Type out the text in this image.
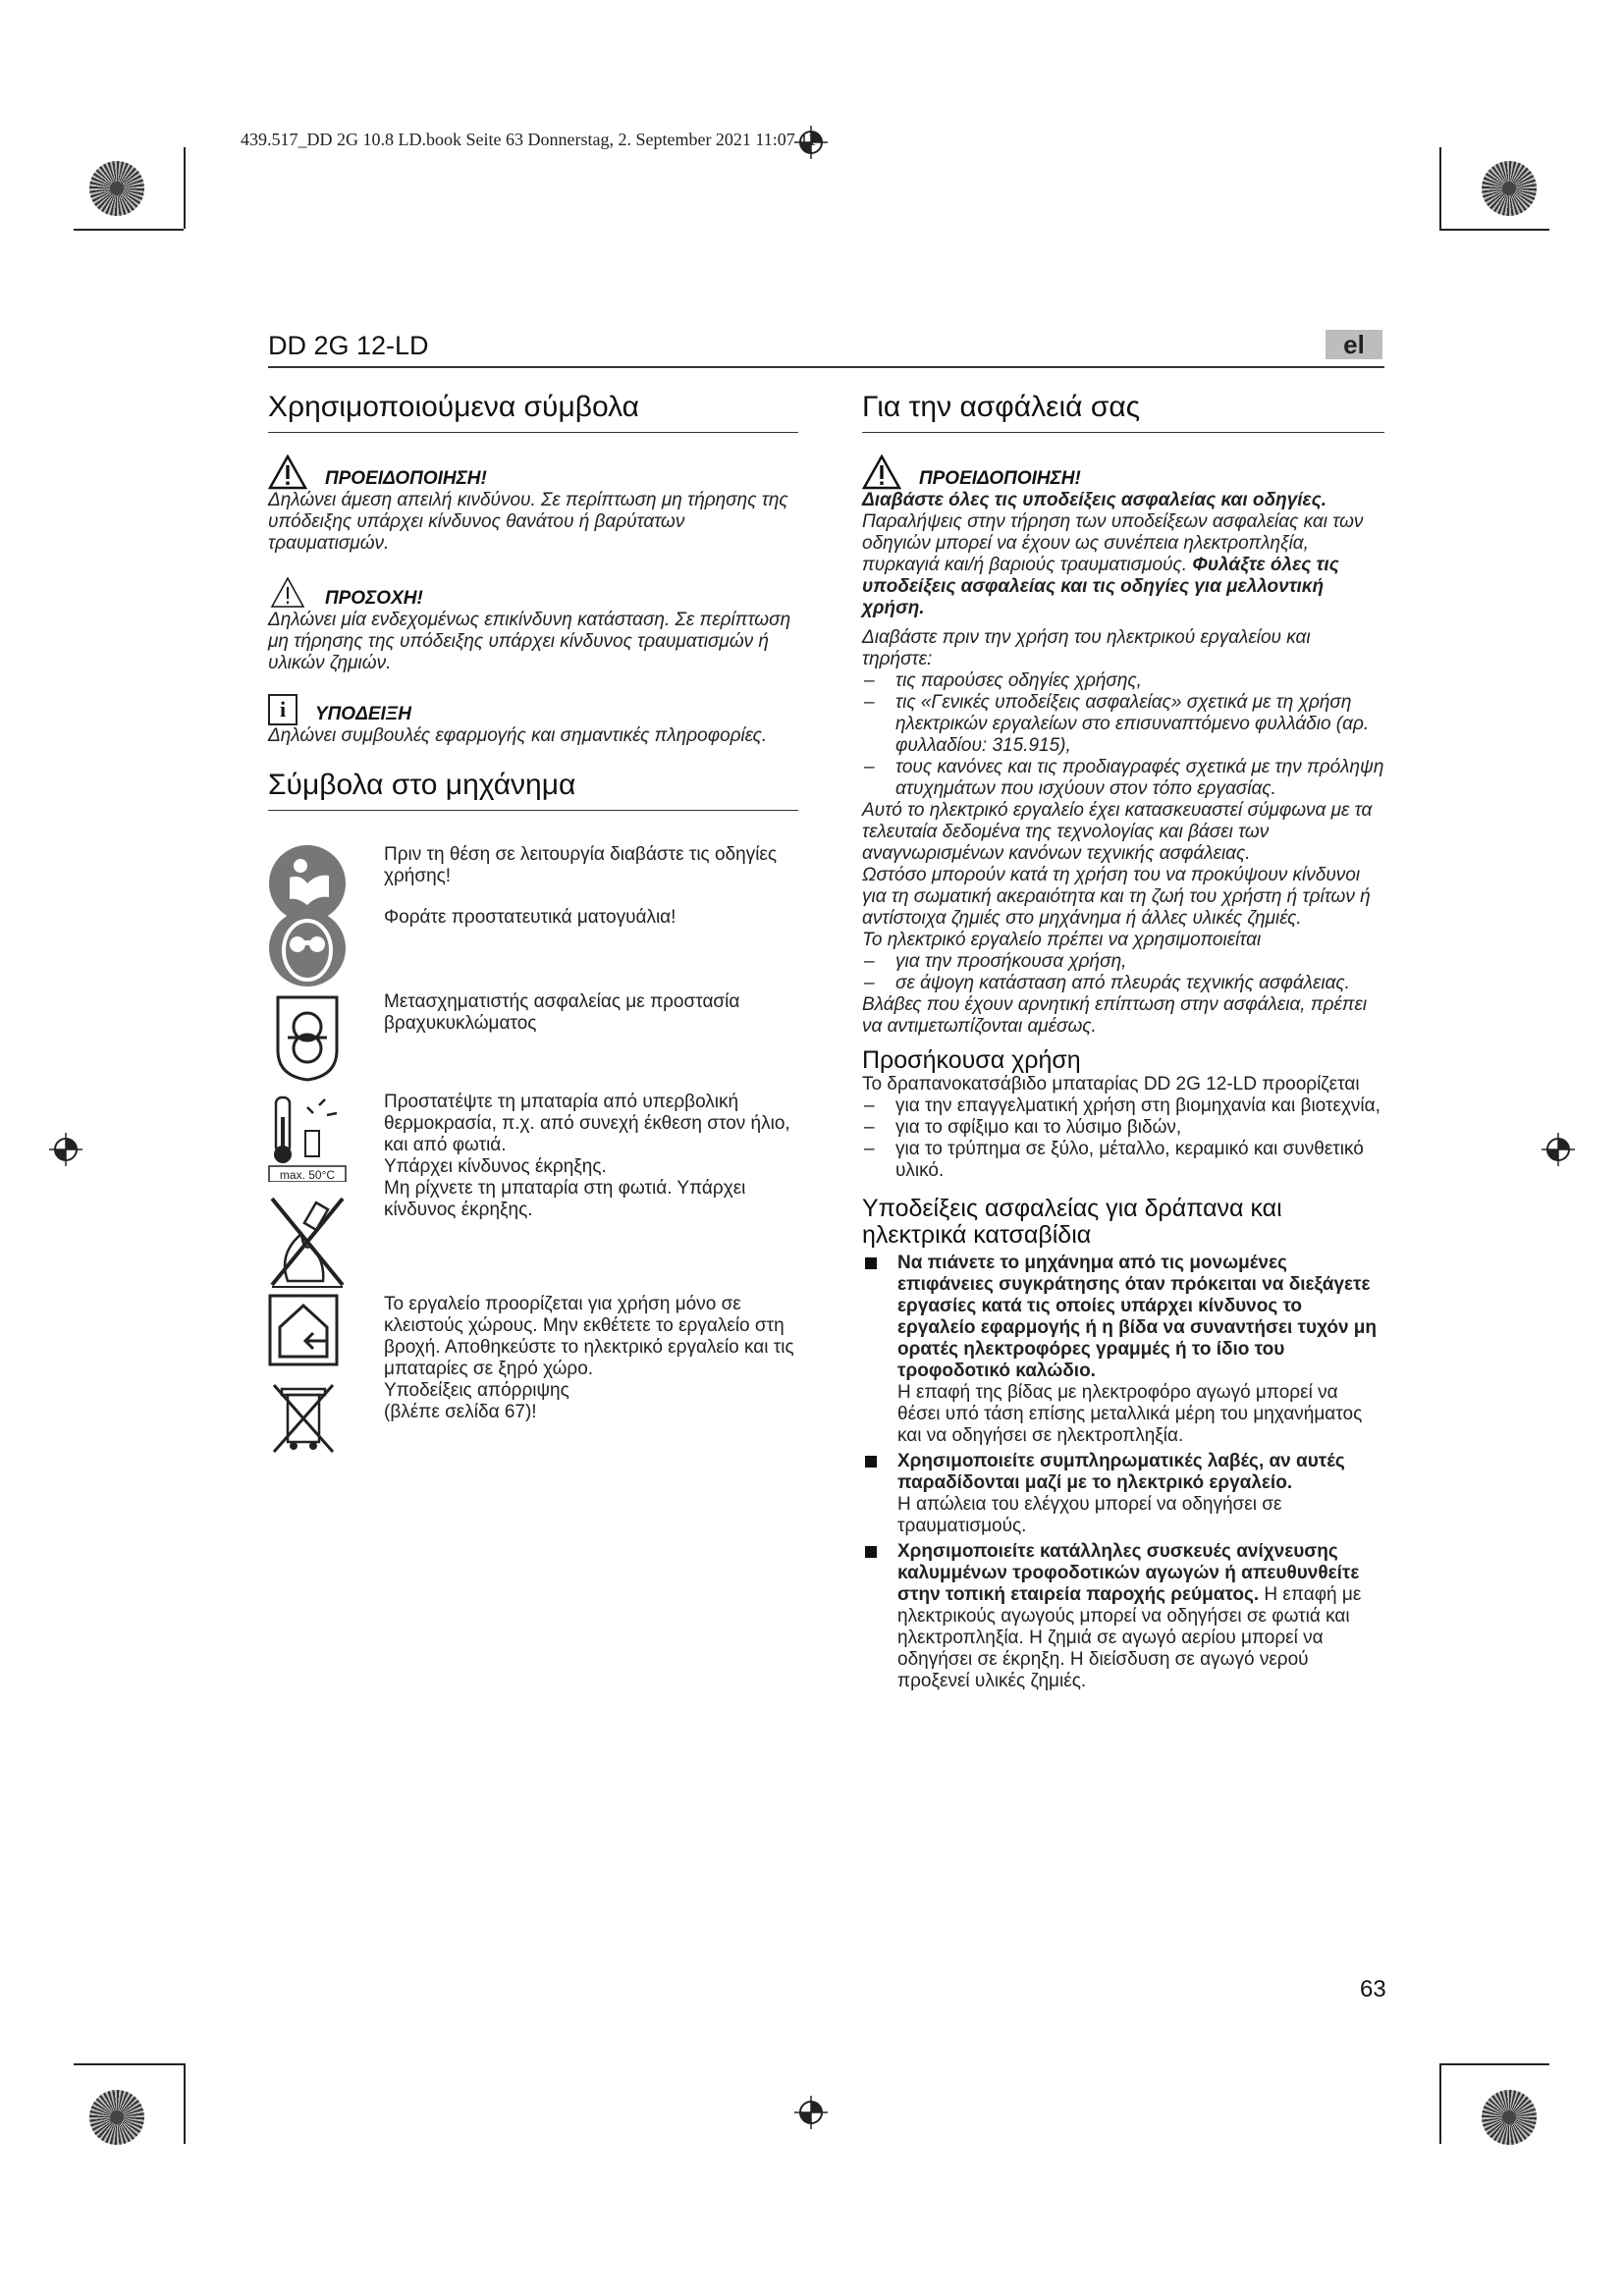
439.517_DD 2G 10.8 LD.book Seite 63 Donnerstag, 2. September 2021 11:07 11
DD 2G 12-LD	el
Χρησιμοποιούμενα σύμβολα
ΠΡΟΕΙΔΟΠΟΙΗΣΗ!

Δηλώνει άμεση απειλή κινδύνου. Σε περίπτωση μη τήρησης της υπόδειξης υπάρχει κίνδυνος θανάτου ή βαρύτατων τραυματισμών.

ΠΡΟΣΟΧΗ!

Δηλώνει μία ενδεχομένως επικίνδυνη κατάσταση. Σε περίπτωση μη τήρησης της υπόδειξης υπάρχει κίνδυνος τραυματισμών ή υλικών ζημιών.

i	ΥΠΟΔΕΙΞΗ

Δηλώνει συμβουλές εφαρμογής και σημαντικές πληροφορίες.

Σύμβολα στο μηχάνημα
Πριν τη θέση σε λειτουργία διαβάστε τις οδηγίες χρήσης!
Φοράτε προστατευτικά ματογυάλια!
Μετασχηματιστής ασφαλείας με προστασία βραχυκυκλώματος
max. 50°C

Προστατέψτε τη μπαταρία από υπερβολική θερμοκρασία, π.χ. από συνεχή έκθεση στον ήλιο, και από φωτιά.
Υπάρχει κίνδυνος έκρηξης.
Μη ρίχνετε τη μπαταρία στη φωτιά. Υπάρχει κίνδυνος έκρηξης.

Το εργαλείο προορίζεται για χρήση μόνο σε κλειστούς χώρους. Μην εκθέτετε το εργαλείο στη βροχή. Αποθηκεύστε το ηλεκτρικό εργαλείο και τις μπαταρίες σε ξηρό χώρο.
Υποδείξεις απόρριψης
(βλέπε σελίδα 67)!
Για την ασφάλειά σας
ΠΡΟΕΙΔΟΠΟΙΗΣΗ!

Διαβάστε όλες τις υποδείξεις ασφαλείας και οδηγίες.

Παραλήψεις στην τήρηση των υποδείξεων ασφαλείας και των οδηγιών μπορεί να έχουν ως συνέπεια ηλεκτροπληξία, πυρκαγιά και/ή βαριούς τραυματισμούς. Φυλάξτε όλες τις υποδείξεις ασφαλείας και τις οδηγίες για μελλοντική χρήση.

Διαβάστε πριν την χρήση του ηλεκτρικού εργαλείου και τηρήστε:

– τις παρούσες οδηγίες χρήσης,
– τις «Γενικές υποδείξεις ασφαλείας» σχετικά με τη χρήση ηλεκτρικών εργαλείων στο επισυναπτόμενο φυλλάδιο (αρ. φυλλαδίου: 315.915),
– τους κανόνες και τις προδιαγραφές σχετικά με την πρόληψη ατυχημάτων που ισχύουν στον τόπο εργασίας.

Αυτό το ηλεκτρικό εργαλείο έχει κατασκευαστεί σύμφωνα με τα τελευταία δεδομένα της τεχνολογίας και βάσει των αναγνωρισμένων κανόνων τεχνικής ασφάλειας.

Ωστόσο μπορούν κατά τη χρήση του να προκύψουν κίνδυνοι για τη σωματική ακεραιότητα και τη ζωή του χρήστη ή τρίτων ή αντίστοιχα ζημιές στο μηχάνημα ή άλλες υλικές ζημιές.

Το ηλεκτρικό εργαλείο πρέπει να χρησιμοποιείται

– για την προσήκουσα χρήση,
– σε άψογη κατάσταση από πλευράς τεχνικής ασφάλειας.

Βλάβες που έχουν αρνητική επίπτωση στην ασφάλεια, πρέπει να αντιμετωπίζονται αμέσως.

Προσήκουσα χρήση

Το δραπανοκατσάβιδο μπαταρίας DD 2G 12-LD προορίζεται

– για την επαγγελματική χρήση στη βιομηχανία και βιοτεχνία,
– για το σφίξιμο και το λύσιμο βιδών,
– για το τρύπημα σε ξύλο, μέταλλο, κεραμικό και συνθετικό υλικό.
Υποδείξεις ασφαλείας για δράπανα και ηλεκτρικά κατσαβίδια
Να πιάνετε το μηχάνημα από τις μονωμένες επιφάνειες συγκράτησης όταν πρόκειται να διεξάγετε εργασίες κατά τις οποίες υπάρχει κίνδυνος το εργαλείο εφαρμογής ή η βίδα να συναντήσει τυχόν μη ορατές ηλεκτροφόρες γραμμές ή το ίδιο του τροφοδοτικό καλώδιο.
Η επαφή της βίδας με ηλεκτροφόρο αγωγό μπορεί να θέσει υπό τάση επίσης μεταλλικά μέρη του μηχανήματος και να οδηγήσει σε ηλεκτροπληξία.
Χρησιμοποιείτε συμπληρωματικές λαβές, αν αυτές παραδίδονται μαζί με το ηλεκτρικό εργαλείο.
Η απώλεια του ελέγχου μπορεί να οδηγήσει σε τραυματισμούς.
Χρησιμοποιείτε κατάλληλες συσκευές ανίχνευσης καλυμμένων τροφοδοτικών αγωγών ή απευθυνθείτε στην τοπική εταιρεία παροχής ρεύματος. Η επαφή με ηλεκτρικούς αγωγούς μπορεί να οδηγήσει σε φωτιά και ηλεκτροπληξία. Η ζημιά σε αγωγό αερίου μπορεί να οδηγήσει σε έκρηξη. Η διείσδυση σε αγωγό νερού προξενεί υλικές ζημιές.
63
